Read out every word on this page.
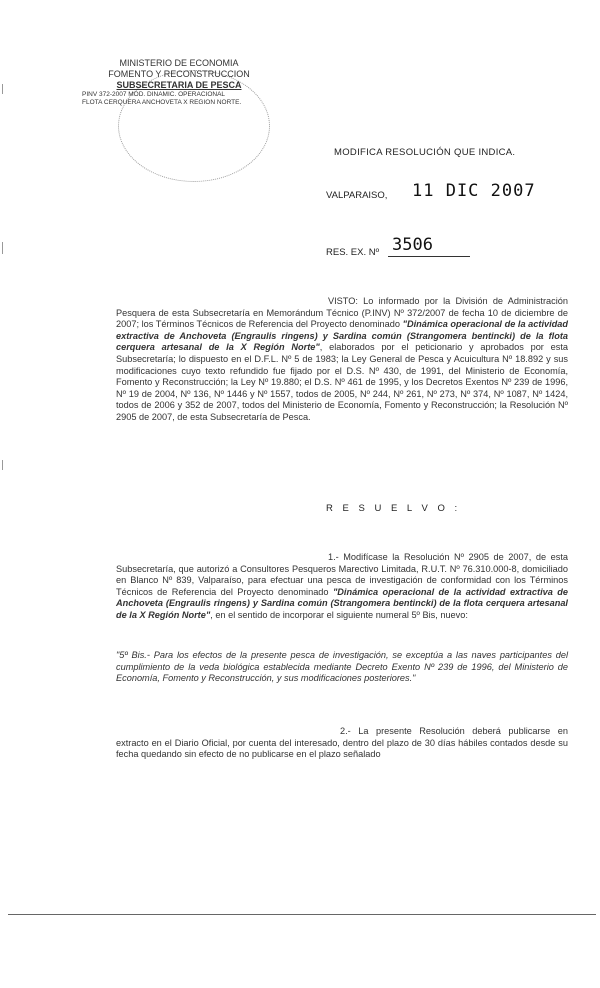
MINISTERIO DE ECONOMIA
FOMENTO Y RECONSTRUCCION
SUBSECRETARIA DE PESCA
PINV 372-2007 MOD. DINAMIC. OPERACIONAL
FLOTA CERQUERA ANCHOVETA X REGION NORTE.
MODIFICA RESOLUCIÓN QUE INDICA.
VALPARAISO, 11 DIC 2007
RES. EX. Nº 3506
VISTO: Lo informado por la División de Administración Pesquera de esta Subsecretaría en Memorándum Técnico (P.INV) Nº 372/2007 de fecha 10 de diciembre de 2007; los Términos Técnicos de Referencia del Proyecto denominado "Dinámica operacional de la actividad extractiva de Anchoveta (Engraulis ringens) y Sardina común (Strangomera bentincki) de la flota cerquera artesanal de la X Región Norte", elaborados por el peticionario y aprobados por esta Subsecretaría; lo dispuesto en el D.F.L. Nº 5 de 1983; la Ley General de Pesca y Acuicultura Nº 18.892 y sus modificaciones cuyo texto refundido fue fijado por el D.S. Nº 430, de 1991, del Ministerio de Economía, Fomento y Reconstrucción; la Ley Nº 19.880; el D.S. Nº 461 de 1995, y los Decretos Exentos Nº 239 de 1996, Nº 19 de 2004, Nº 136, Nº 1446 y Nº 1557, todos de 2005, Nº 244, Nº 261, Nº 273, Nº 374, Nº 1087, Nº 1424, todos de 2006 y 352 de 2007, todos del Ministerio de Economía, Fomento y Reconstrucción; la Resolución Nº 2905 de 2007, de esta Subsecretaría de Pesca.
R E S U E L V O :
1.- Modifícase la Resolución Nº 2905 de 2007, de esta Subsecretaría, que autorizó a Consultores Pesqueros Marectivo Limitada, R.U.T. Nº 76.310.000-8, domiciliado en Blanco Nº 839, Valparaíso, para efectuar una pesca de investigación de conformidad con los Términos Técnicos de Referencia del Proyecto denominado "Dinámica operacional de la actividad extractiva de Anchoveta (Engraulis ringens) y Sardina común (Strangomera bentincki) de la flota cerquera artesanal de la X Región Norte", en el sentido de incorporar el siguiente numeral 5º Bis, nuevo:
"5º Bis.- Para los efectos de la presente pesca de investigación, se exceptúa a las naves participantes del cumplimiento de la veda biológica establecida mediante Decreto Exento Nº 239 de 1996, del Ministerio de Economía, Fomento y Reconstrucción, y sus modificaciones posteriores."
2.- La presente Resolución deberá publicarse en extracto en el Diario Oficial, por cuenta del interesado, dentro del plazo de 30 días hábiles contados desde su fecha quedando sin efecto de no publicarse en el plazo señalado
